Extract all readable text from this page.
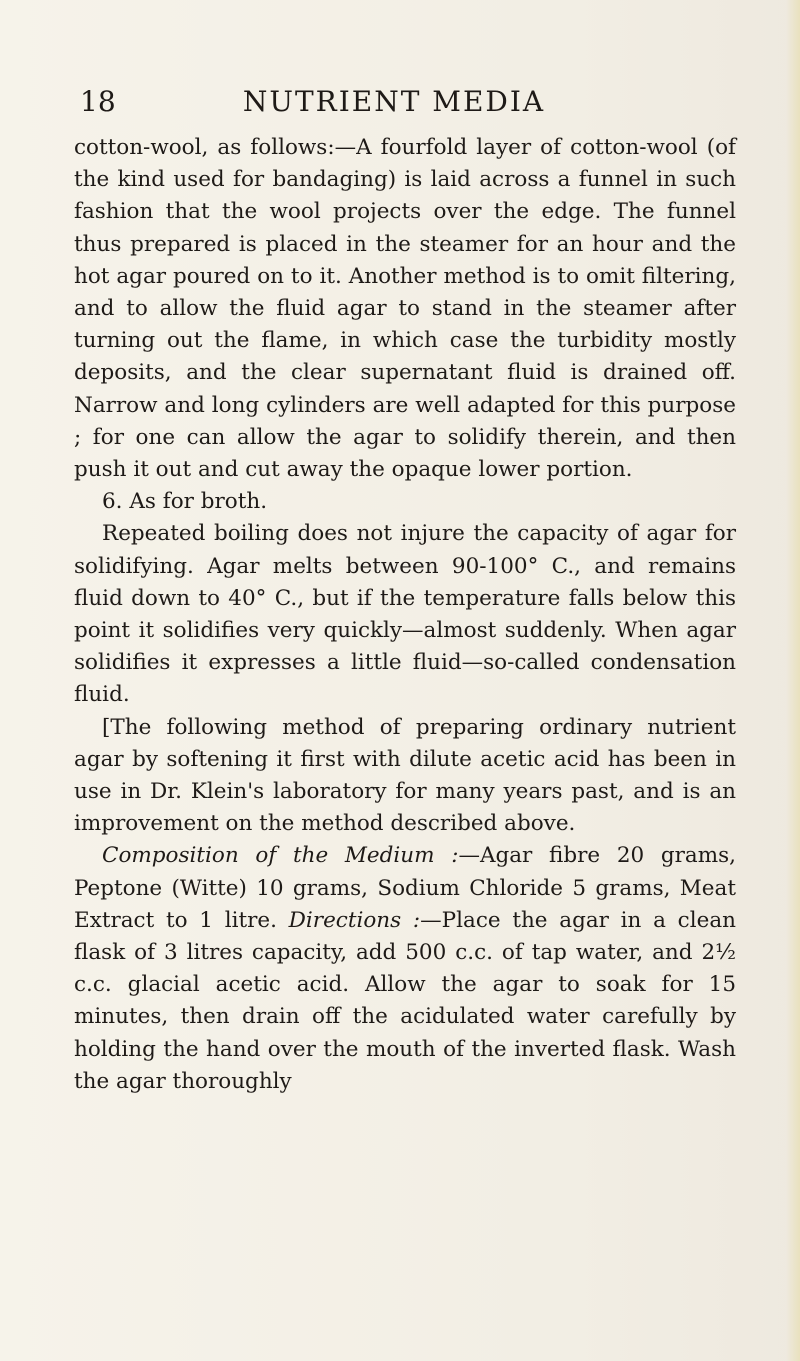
18	NUTRIENT MEDIA

cotton-wool, as follows:—A fourfold layer of cotton-wool (of the kind used for bandaging) is laid across a funnel in such fashion that the wool projects over the edge. The funnel thus prepared is placed in the steamer for an hour and the hot agar poured on to it. Another method is to omit filtering, and to allow the fluid agar to stand in the steamer after turning out the flame, in which case the turbidity mostly deposits, and the clear supernatant fluid is drained off. Narrow and long cylinders are well adapted for this purpose ; for one can allow the agar to solidify therein, and then push it out and cut away the opaque lower portion.

6. As for broth.

Repeated boiling does not injure the capacity of agar for solidifying. Agar melts between 90-100° C., and remains fluid down to 40° C., but if the temperature falls below this point it solidifies very quickly—almost suddenly. When agar solidifies it expresses a little fluid—so-called condensation fluid.

[The following method of preparing ordinary nutrient agar by softening it first with dilute acetic acid has been in use in Dr. Klein's laboratory for many years past, and is an improvement on the method described above.

Composition of the Medium :—Agar fibre 20 grams, Peptone (Witte) 10 grams, Sodium Chloride 5 grams, Meat Extract to 1 litre. Directions :—Place the agar in a clean flask of 3 litres capacity, add 500 c.c. of tap water, and 2½ c.c. glacial acetic acid. Allow the agar to soak for 15 minutes, then drain off the acidulated water carefully by holding the hand over the mouth of the inverted flask. Wash the agar thoroughly
